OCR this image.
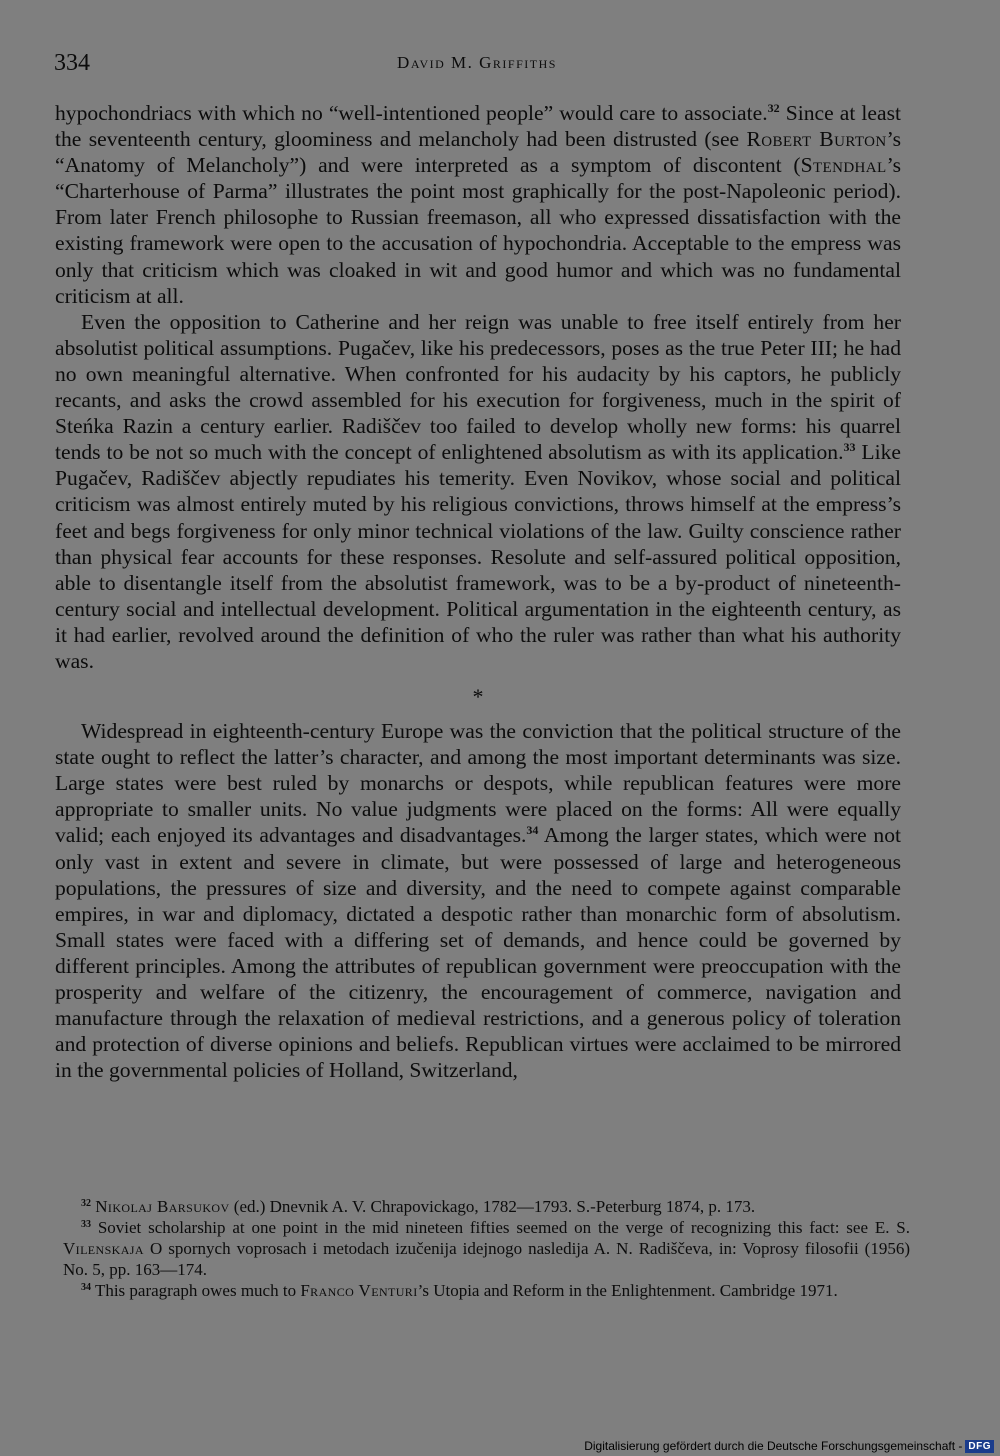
334	David M. Griffiths

hypochondriacs with which no “well-intentioned people” would care to associate.$^{32}$ Since at least the seventeenth century, gloominess and melancholy had been distrusted (see Robert Burton’s “Anatomy of Melancholy”) and were interpreted as a symptom of discontent (Stendhal’s “Charterhouse of Parma” illustrates the point most graphically for the post-Napoleonic period). From later French philosophe to Russian freemason, all who expressed dissatisfaction with the existing framework were open to the accusation of hypochondria. Acceptable to the empress was only that criticism which was cloaked in wit and good humor and which was no fundamental criticism at all.

Even the opposition to Catherine and her reign was unable to free itself entirely from her absolutist political assumptions. Pugačev, like his predecessors, poses as the true Peter III; he had no own meaningful alternative. When confronted for his audacity by his captors, he publicly recants, and asks the crowd assembled for his execution for forgiveness, much in the spirit of Steńka Razin a century earlier. Radiščev too failed to develop wholly new forms: his quarrel tends to be not so much with the concept of enlightened absolutism as with its application.$^{33}$ Like Pugačev, Radiščev abjectly repudiates his temerity. Even Novikov, whose social and political criticism was almost entirely muted by his religious convictions, throws himself at the empress’s feet and begs forgiveness for only minor technical violations of the law. Guilty conscience rather than physical fear accounts for these responses. Resolute and self-assured political opposition, able to disentangle itself from the absolutist framework, was to be a by-product of nineteenth-century social and intellectual development. Political argumentation in the eighteenth century, as it had earlier, revolved around the definition of who the ruler was rather than what his authority was.

*

Widespread in eighteenth-century Europe was the conviction that the political structure of the state ought to reflect the latter’s character, and among the most important determinants was size. Large states were best ruled by monarchs or despots, while republican features were more appropriate to smaller units. No value judgments were placed on the forms: All were equally valid; each enjoyed its advantages and disadvantages.$^{34}$ Among the larger states, which were not only vast in extent and severe in climate, but were possessed of large and heterogeneous populations, the pressures of size and diversity, and the need to compete against comparable empires, in war and diplomacy, dictated a despotic rather than monarchic form of absolutism. Small states were faced with a differing set of demands, and hence could be governed by different principles. Among the attributes of republican government were preoccupation with the prosperity and welfare of the citizenry, the encouragement of commerce, navigation and manufacture through the relaxation of medieval restrictions, and a generous policy of toleration and protection of diverse opinions and beliefs. Republican virtues were acclaimed to be mirrored in the governmental policies of Holland, Switzerland,

$^{32}$ Nikolaj Barsukov (ed.) Dnevnik A. V. Chrapovickago, 1782—1793. S.-Peterburg 1874, p. 173.

$^{33}$ Soviet scholarship at one point in the mid nineteen fifties seemed on the verge of recognizing this fact: see E. S. Vilenskaja O spornych voprosach i metodach izučenija idejnogo nasledija A. N. Radiščeva, in: Voprosy filosofii (1956) No. 5, pp. 163—174.

$^{34}$ This paragraph owes much to Franco Venturi’s Utopia and Reform in the Enlightenment. Cambridge 1971.

Digitalisierung gefördert durch die Deutsche Forschungsgemeinschaft - DFG
